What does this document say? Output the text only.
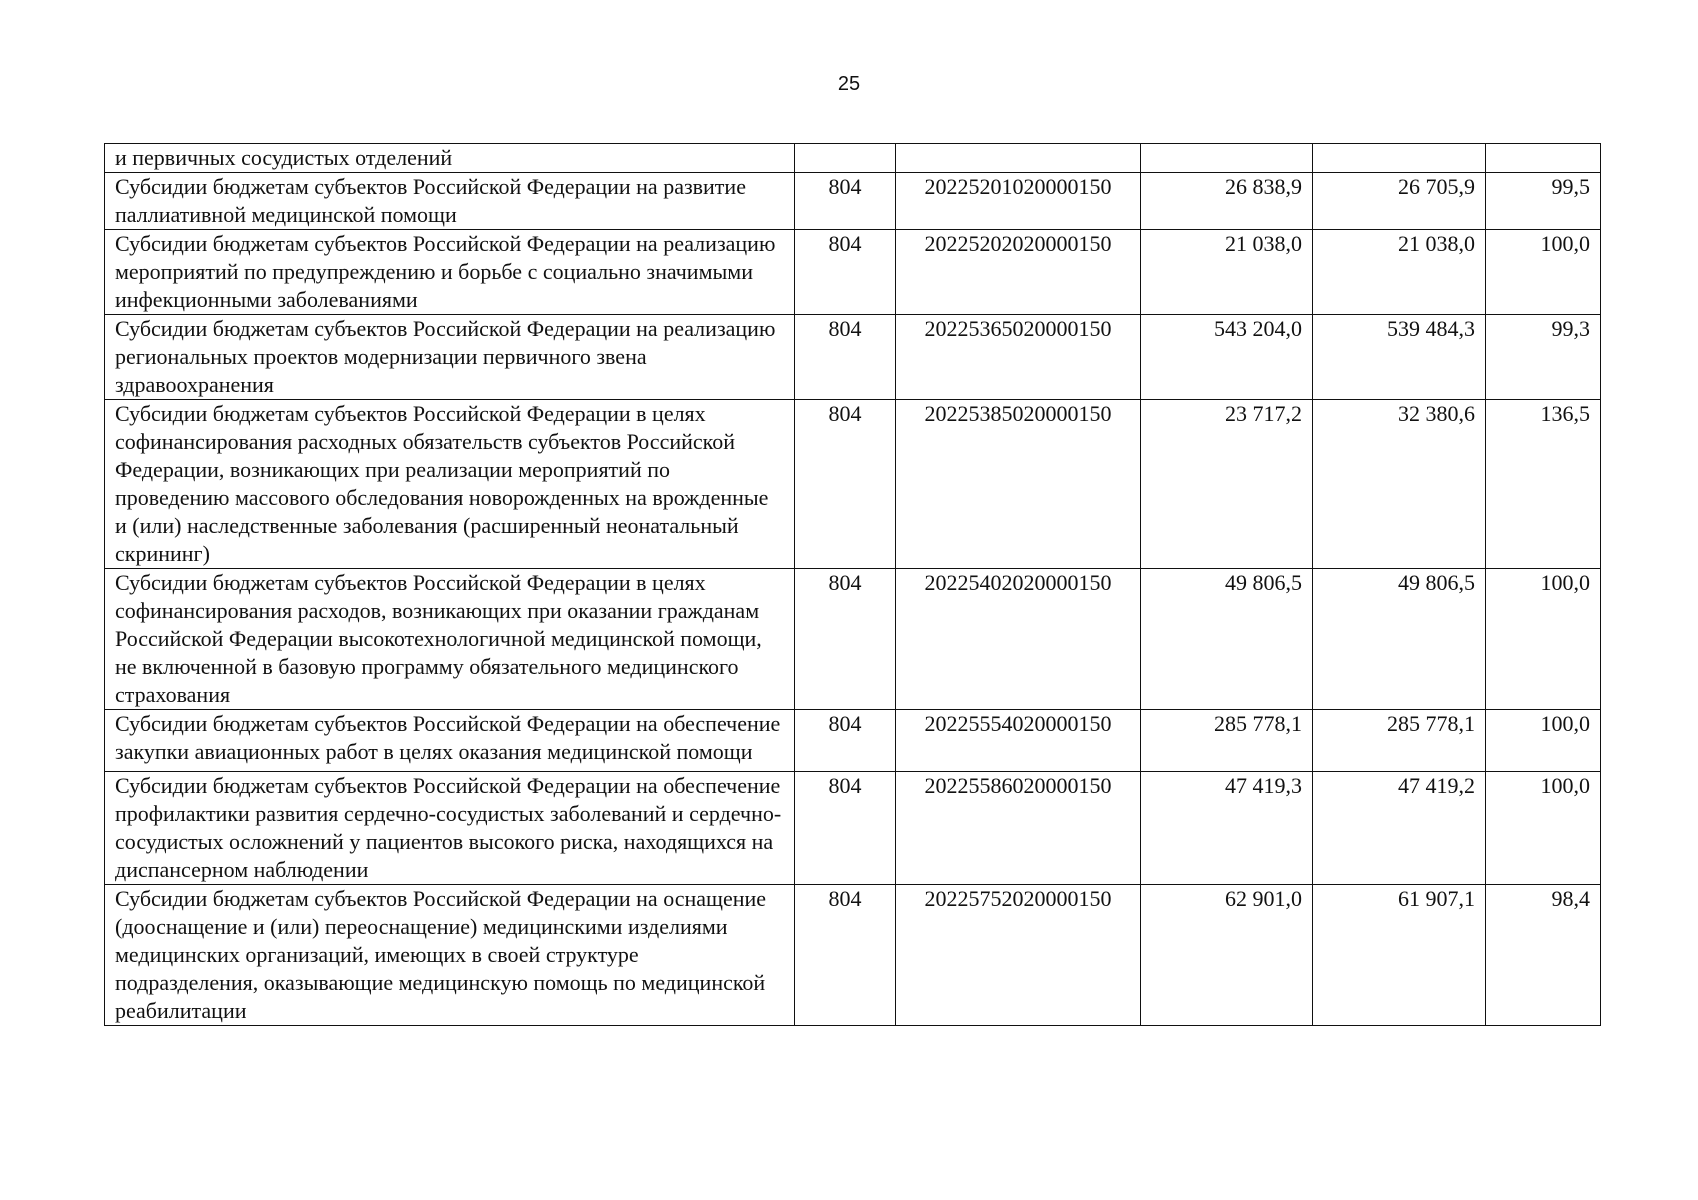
25
и первичных сосудистых отделений					
Субсидии бюджетам субъектов Российской Федерации на развитие паллиативной медицинской помощи	804	20225201020000150	26 838,9	26 705,9	99,5
Субсидии бюджетам субъектов Российской Федерации на реализацию мероприятий по предупреждению и борьбе с социально значимыми инфекционными заболеваниями	804	20225202020000150	21 038,0	21 038,0	100,0
Субсидии бюджетам субъектов Российской Федерации на реализацию региональных проектов модернизации первичного звена здравоохранения	804	20225365020000150	543 204,0	539 484,3	99,3
Субсидии бюджетам субъектов Российской Федерации в целях софинансирования расходных обязательств субъектов Российской Федерации, возникающих при реализации мероприятий по проведению массового обследования новорожденных на врожденные и (или) наследственные заболевания (расширенный неонатальный скрининг)	804	20225385020000150	23 717,2	32 380,6	136,5
Субсидии бюджетам субъектов Российской Федерации в целях софинансирования расходов, возникающих при оказании гражданам Российской Федерации высокотехнологичной медицинской помощи, не включенной в базовую программу обязательного медицинского страхования	804	20225402020000150	49 806,5	49 806,5	100,0
Субсидии бюджетам субъектов Российской Федерации на обеспечение закупки авиационных работ в целях оказания медицинской помощи	804	20225554020000150	285 778,1	285 778,1	100,0
Субсидии бюджетам субъектов Российской Федерации на обеспечение профилактики развития сердечно-сосудистых заболеваний и сердечно-сосудистых осложнений у пациентов высокого риска, находящихся на диспансерном наблюдении	804	20225586020000150	47 419,3	47 419,2	100,0
Субсидии бюджетам субъектов Российской Федерации на оснащение (дооснащение и (или) переоснащение) медицинскими изделиями медицинских организаций, имеющих в своей структуре подразделения, оказывающие медицинскую помощь по медицинской реабилитации	804	20225752020000150	62 901,0	61 907,1	98,4
